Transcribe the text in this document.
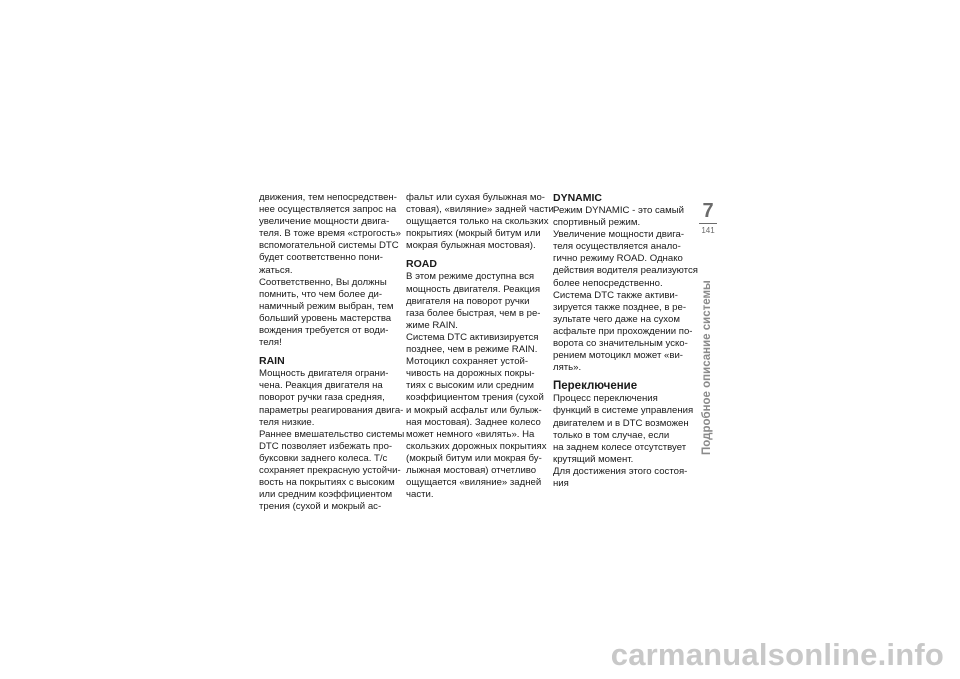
движения, тем непосредствен-
нее осуществляется запрос на
увеличение мощности двига-
теля. В тоже время «строгость»
вспомогательной системы DTC
будет соответственно пони-
жаться.
Соответственно, Вы должны
помнить, что чем более ди-
намичный режим выбран, тем
больший уровень мастерства
вождения требуется от води-
теля!
RAIN
Мощность двигателя ограни-
чена. Реакция двигателя на
поворот ручки газа средняя,
параметры реагирования двига-
теля низкие.
Раннее вмешательство системы
DTC позволяет избежать про-
буксовки заднего колеса. Т/с
сохраняет прекрасную устойчи-
вость на покрытиях с высоким
или средним коэффициентом
трения (сухой и мокрый ас-
фальт или сухая булыжная мо-
стовая), «виляние» задней части
ощущается только на скользких
покрытиях (мокрый битум или
мокрая булыжная мостовая).
ROAD
В этом режиме доступна вся
мощность двигателя. Реакция
двигателя на поворот ручки
газа более быстрая, чем в ре-
жиме RAIN.
Система DTC активизируется
позднее, чем в режиме RAIN.
Мотоцикл сохраняет устой-
чивость на дорожных покры-
тиях с высоким или средним
коэффициентом трения (сухой
и мокрый асфальт или булыж-
ная мостовая). Заднее колесо
может немного «вилять». На
скользких дорожных покрытиях
(мокрый битум или мокрая бу-
лыжная мостовая) отчетливо
ощущается «виляние» задней
части.
DYNAMIC
Режим DYNAMIC - это самый
спортивный режим.
Увеличение мощности двига-
теля осуществляется анало-
гично режиму ROAD. Однако
действия водителя реализуются
более непосредственно.
Система DTC также активи-
зируется также позднее, в ре-
зультате чего даже на сухом
асфальте при прохождении по-
ворота со значительным уско-
рением мотоцикл может «ви-
лять».
Переключение
Процесс переключения
функций в системе управления
двигателем и в DTC возможен
только в том случае, если
на заднем колесе отсутствует
крутящий момент.
Для достижения этого состоя-
ния
7
141
Подробное описание системы
carmanualsonline.info
